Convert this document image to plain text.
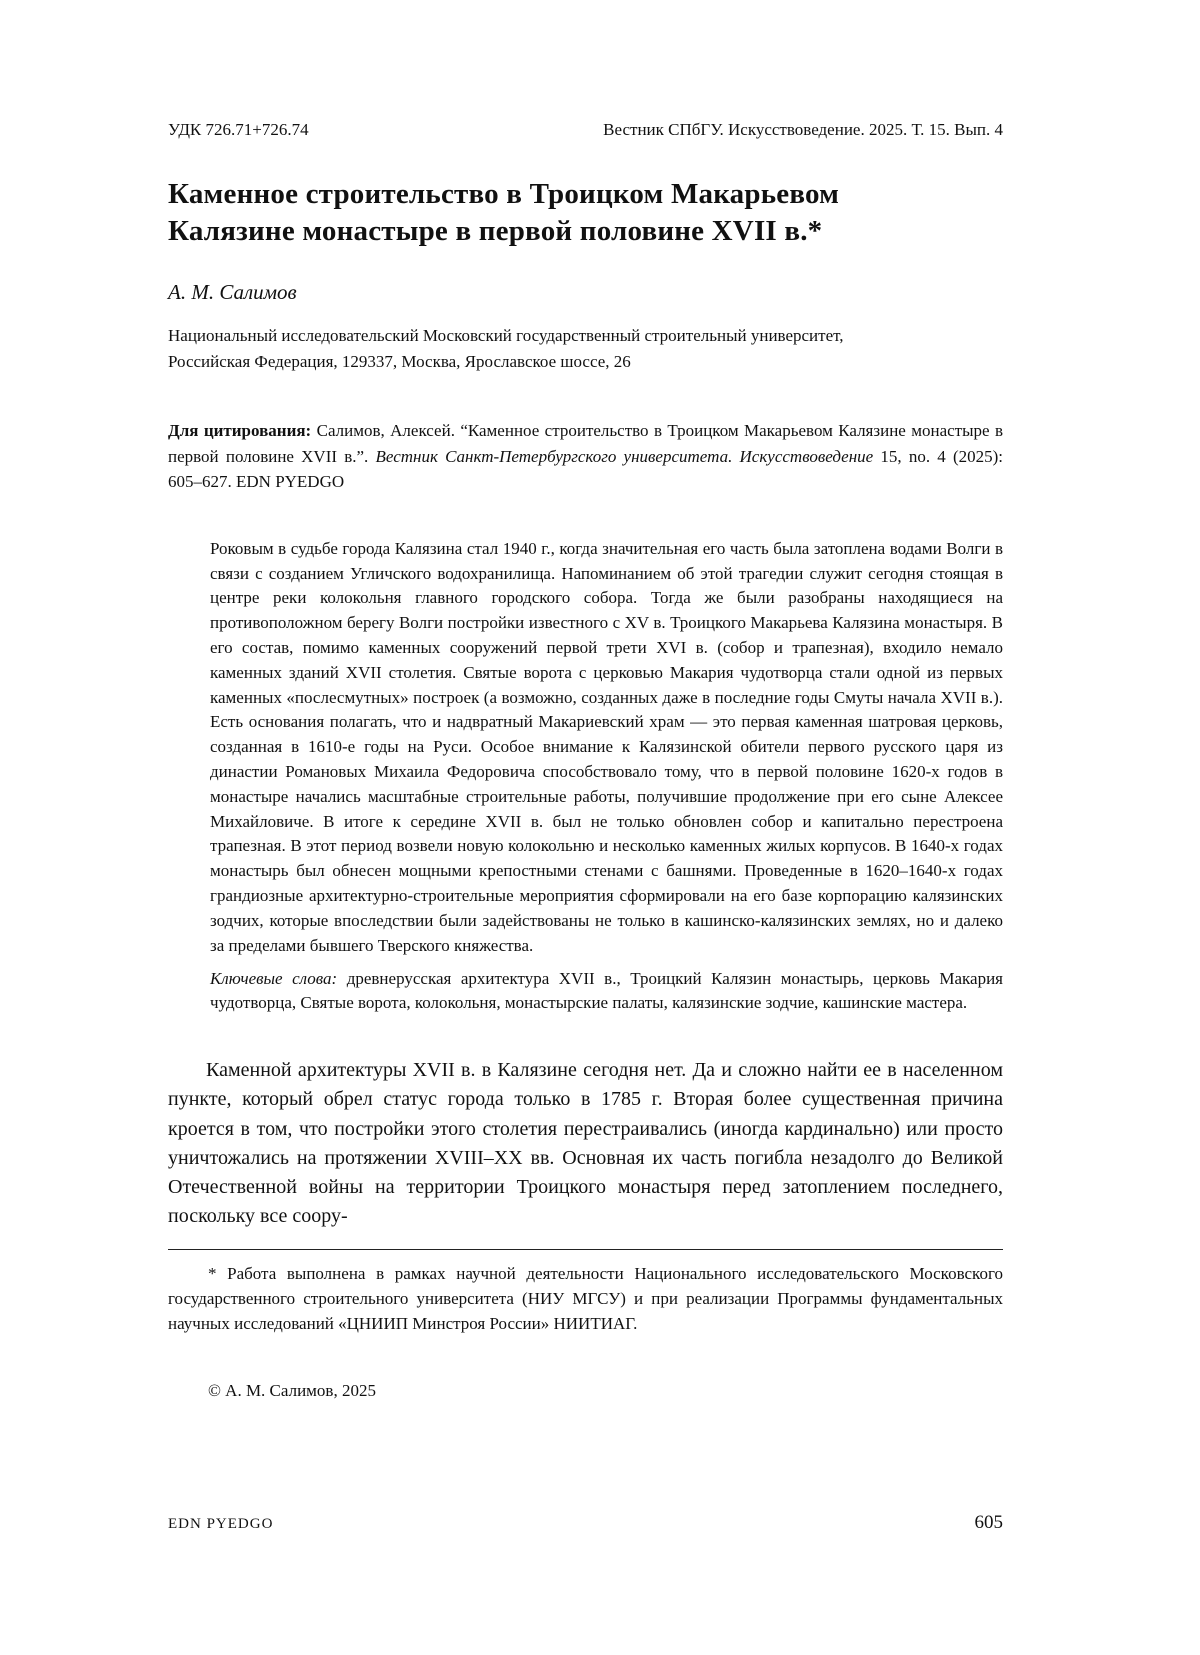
УДК 726.71+726.74	Вестник СПбГУ. Искусствоведение. 2025. Т. 15. Вып. 4
Каменное строительство в Троицком Макарьевом Калязине монастыре в первой половине XVII в.*
А. М. Салимов
Национальный исследовательский Московский государственный строительный университет,
Российская Федерация, 129337, Москва, Ярославское шоссе, 26

Для цитирования: Салимов, Алексей. “Каменное строительство в Троицком Макарьевом Калязине монастыре в первой половине XVII в.”. Вестник Санкт-Петербургского университета. Искусствоведение 15, no. 4 (2025): 605–627. EDN PYEDGO

Роковым в судьбе города Калязина стал 1940 г., когда значительная его часть была затоплена водами Волги в связи с созданием Угличского водохранилища. Напоминанием об этой трагедии служит сегодня стоящая в центре реки колокольня главного городского собора. Тогда же были разобраны находящиеся на противоположном берегу Волги постройки известного с XV в. Троицкого Макарьева Калязина монастыря. В его состав, помимо каменных сооружений первой трети XVI в. (собор и трапезная), входило немало каменных зданий XVII столетия. Святые ворота с церковью Макария чудотворца стали одной из первых каменных «послесмутных» построек (а возможно, созданных даже в последние годы Смуты начала XVII в.). Есть основания полагать, что и надвратный Макариевский храм — это первая каменная шатровая церковь, созданная в 1610-е годы на Руси. Особое внимание к Калязинской обители первого русского царя из династии Романовых Михаила Федоровича способствовало тому, что в первой половине 1620-х годов в монастыре начались масштабные строительные работы, получившие продолжение при его сыне Алексее Михайловиче. В итоге к середине XVII в. был не только обновлен собор и капитально перестроена трапезная. В этот период возвели новую колокольню и несколько каменных жилых корпусов. В 1640-х годах монастырь был обнесен мощными крепостными стенами с башнями. Проведенные в 1620–1640-х годах грандиозные архитектурно-строительные мероприятия сформировали на его базе корпорацию калязинских зодчих, которые впоследствии были задействованы не только в кашинско-калязинских землях, но и далеко за пределами бывшего Тверского княжества.

Ключевые слова: древнерусская архитектура XVII в., Троицкий Калязин монастырь, церковь Макария чудотворца, Святые ворота, колокольня, монастырские палаты, калязинские зодчие, кашинские мастера.

Каменной архитектуры XVII в. в Калязине сегодня нет. Да и сложно найти ее в населенном пункте, который обрел статус города только в 1785 г. Вторая более существенная причина кроется в том, что постройки этого столетия перестраивались (иногда кардинально) или просто уничтожались на протяжении XVIII–XX вв. Основная их часть погибла незадолго до Великой Отечественной войны на территории Троицкого монастыря перед затоплением последнего, поскольку все соору-

* Работа выполнена в рамках научной деятельности Национального исследовательского Московского государственного строительного университета (НИУ МГСУ) и при реализации Программы фундаментальных научных исследований «ЦНИИП Минстроя России» НИИТИАГ.

© А. М. Салимов, 2025
EDN PYEDGO	605
